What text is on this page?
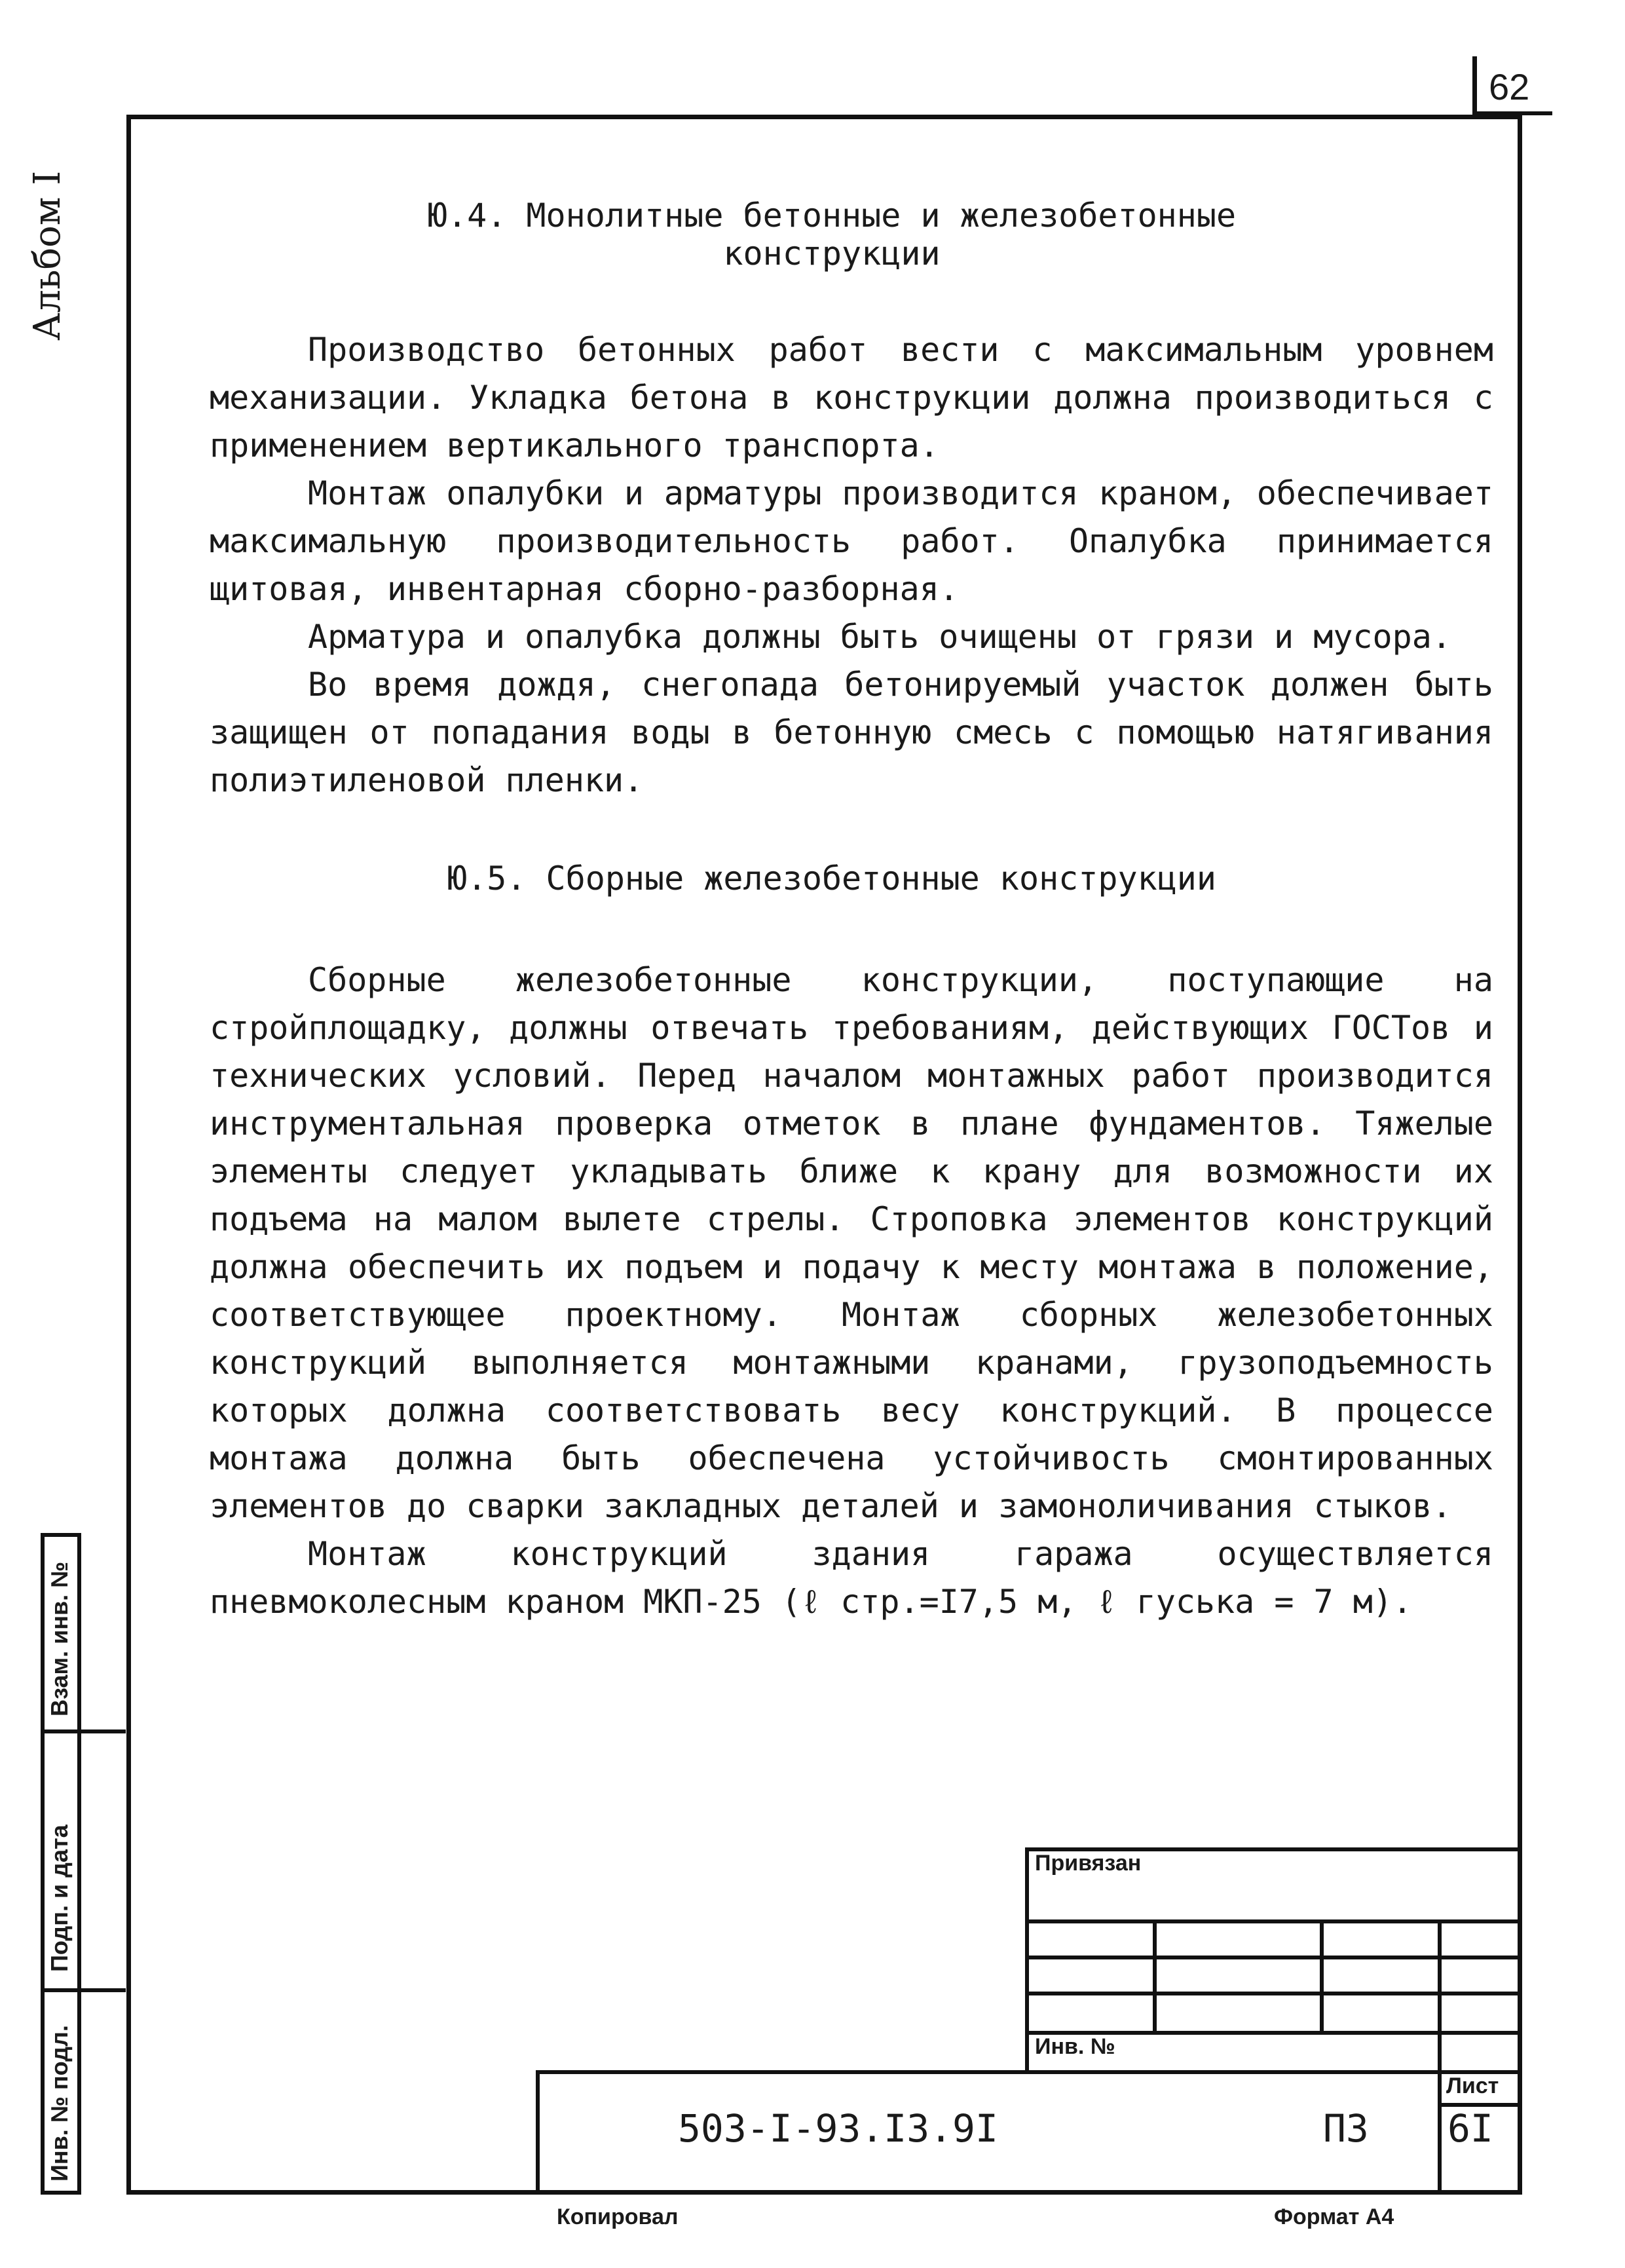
62
Альбом I	Ю.4. Монолитные бетонные и железобетонные
конструкции

Производство бетонных работ вести с максимальным уровнем механизации. Укладка бетона в конструкции должна производиться с применением вертикального транспорта.

Монтаж опалубки и арматуры производится краном, обеспечивает максимальную производительность работ. Опалубка принимается щитовая, инвентарная сборно-разборная.

Арматура и опалубка должны быть очищены от грязи и мусора.

Во время дождя, снегопада бетонируемый участок должен быть защищен от попадания воды в бетонную смесь с помощью натягивания полиэтиленовой пленки.

Ю.5. Сборные железобетонные конструкции

Сборные железобетонные конструкции, поступающие на стройплощадку, должны отвечать требованиям, действующих ГОСТов и технических условий. Перед началом монтажных работ производится инструментальная проверка отметок в плане фундаментов. Тяжелые элементы следует укладывать ближе к крану для возможности их подъема на малом вылете стрелы. Строповка элементов конструкций должна обеспечить их подъем и подачу к месту монтажа в положение, соответствующее проектному. Монтаж сборных железобетонных конструкций выполняется монтажными кранами, грузоподъемность которых должна соответствовать весу конструкций. В процессе монтажа должна быть обеспечена устойчивость смонтированных элементов до сварки закладных деталей и замоноличивания стыков.

Монтаж конструкций здания гаража осуществляется пневмоколесным краном МКП-25 (ℓ стр.=I7,5 м, ℓ гуська = 7 м).

Взам. инв. №
Подп. и дата
Инв. № подл.
Привязан
Инв. №
503-I-93.I3.9I	ПЗ
Лист
6I
Копировал	Формат А4
